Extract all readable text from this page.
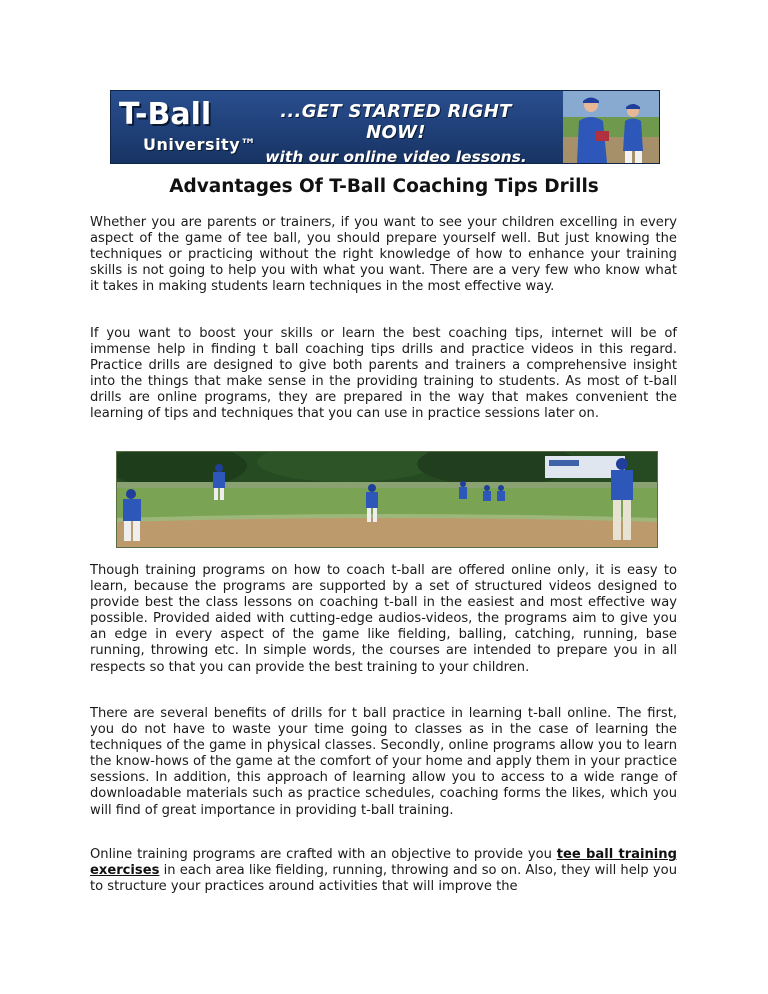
T-Ball
University™
...GET STARTED RIGHT NOW!
with our online video lessons.
Advantages Of T-Ball Coaching Tips Drills

Whether you are parents or trainers, if you want to see your children excelling in every aspect of the game of tee ball, you should prepare yourself well. But just knowing the techniques or practicing without the right knowledge of how to enhance your training skills is not going to help you with what you want. There are a very few who know what it takes in making students learn techniques in the most effective way.

If you want to boost your skills or learn the best coaching tips, internet will be of immense help in finding t ball coaching tips drills and practice videos in this regard. Practice drills are designed to give both parents and trainers a comprehensive insight into the things that make sense in the providing training to students. As most of t-ball drills are online programs, they are prepared in the way that makes convenient the learning of tips and techniques that you can use in practice sessions later on.

Though training programs on how to coach t-ball are offered online only, it is easy to learn, because the programs are supported by a set of structured videos designed to provide best the class lessons on coaching t-ball in the easiest and most effective way possible. Provided aided with cutting-edge audios-videos, the programs aim to give you an edge in every aspect of the game like fielding, balling, catching, running, base running, throwing etc. In simple words, the courses are intended to prepare you in all respects so that you can provide the best training to your children.

There are several benefits of drills for t ball practice in learning t-ball online. The first, you do not have to waste your time going to classes as in the case of learning the techniques of the game in physical classes. Secondly, online programs allow you to learn the know-hows of the game at the comfort of your home and apply them in your practice sessions. In addition, this approach of learning allow you to access to a wide range of downloadable materials such as practice schedules, coaching forms the likes, which you will find of great importance in providing t-ball training.

Online training programs are crafted with an objective to provide you tee ball training exercises in each area like fielding, running, throwing and so on. Also, they will help you to structure your practices around activities that will improve the
